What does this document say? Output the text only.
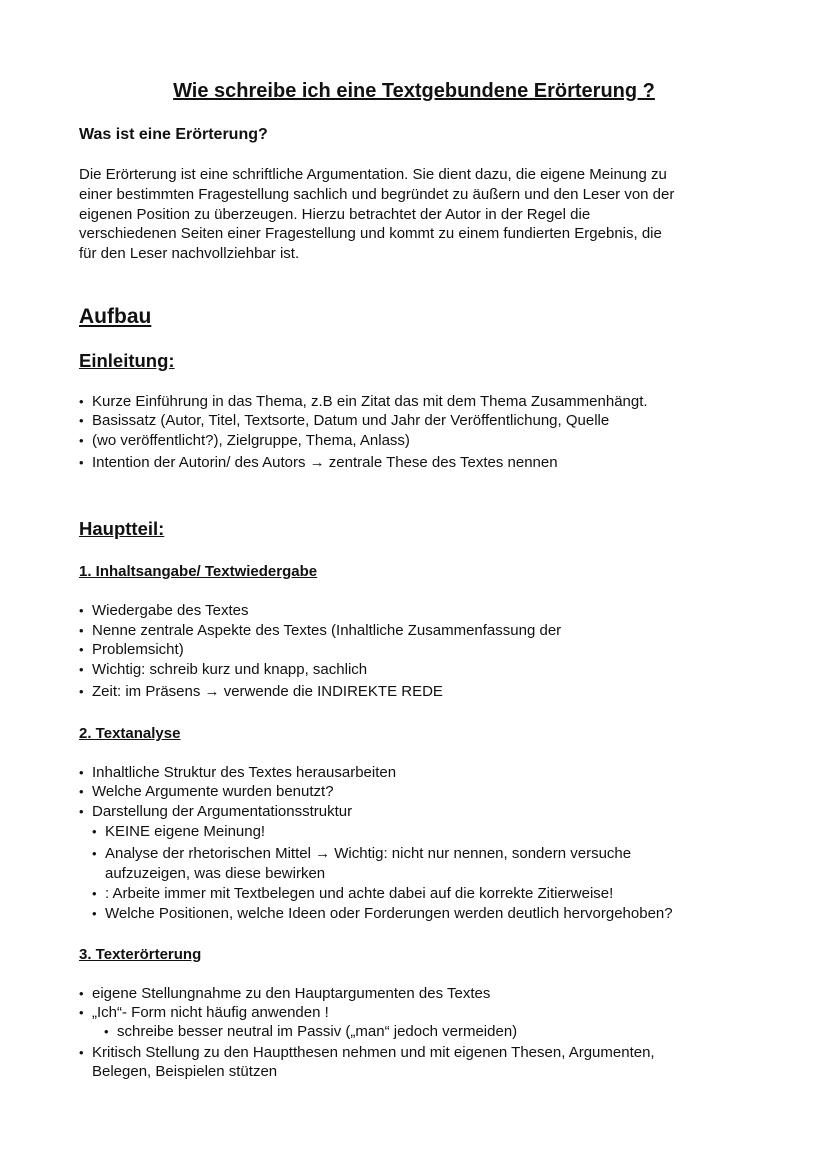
Wie schreibe ich eine Textgebundene Erörterung ?
Was ist eine Erörterung?

Die Erörterung ist eine schriftliche Argumentation. Sie dient dazu, die eigene Meinung zu

einer bestimmten Fragestellung sachlich und begründet zu äußern und den Leser von der

eigenen Position zu überzeugen. Hierzu betrachtet der Autor in der Regel die

verschiedenen Seiten einer Fragestellung und kommt zu einem fundierten Ergebnis, die

für den Leser nachvollziehbar ist.

Aufbau
Einleitung:
• Kurze Einführung in das Thema, z.B ein Zitat das mit dem Thema Zusammenhängt.
• Basissatz (Autor, Titel, Textsorte, Datum und Jahr der Veröffentlichung, Quelle
• (wo veröffentlicht?), Zielgruppe, Thema, Anlass)
• Intention der Autorin/ des Autors → zentrale These des Textes nennen
Hauptteil:
1. Inhaltsangabe/ Textwiedergabe
• Wiedergabe des Textes
• Nenne zentrale Aspekte des Textes (Inhaltliche Zusammenfassung der
• Problemsicht)
• Wichtig: schreib kurz und knapp, sachlich
• Zeit: im Präsens → verwende die INDIREKTE REDE
2. Textanalyse
• Inhaltliche Struktur des Textes herausarbeiten
• Welche Argumente wurden benutzt?
• Darstellung der Argumentationsstruktur
• KEINE eigene Meinung!
• Analyse der rhetorischen Mittel → Wichtig: nicht nur nennen, sondern versuche
aufzuzeigen, was diese bewirken
• : Arbeite immer mit Textbelegen und achte dabei auf die korrekte Zitierweise!
• Welche Positionen, welche Ideen oder Forderungen werden deutlich hervorgehoben?
3. Texterörterung
• eigene Stellungnahme zu den Hauptargumenten des Textes
• „Ich“- Form nicht häufig anwenden !
• schreibe besser neutral im Passiv („man“ jedoch vermeiden)
• Kritisch Stellung zu den Hauptthesen nehmen und mit eigenen Thesen, Argumenten,
Belegen, Beispielen stützen
